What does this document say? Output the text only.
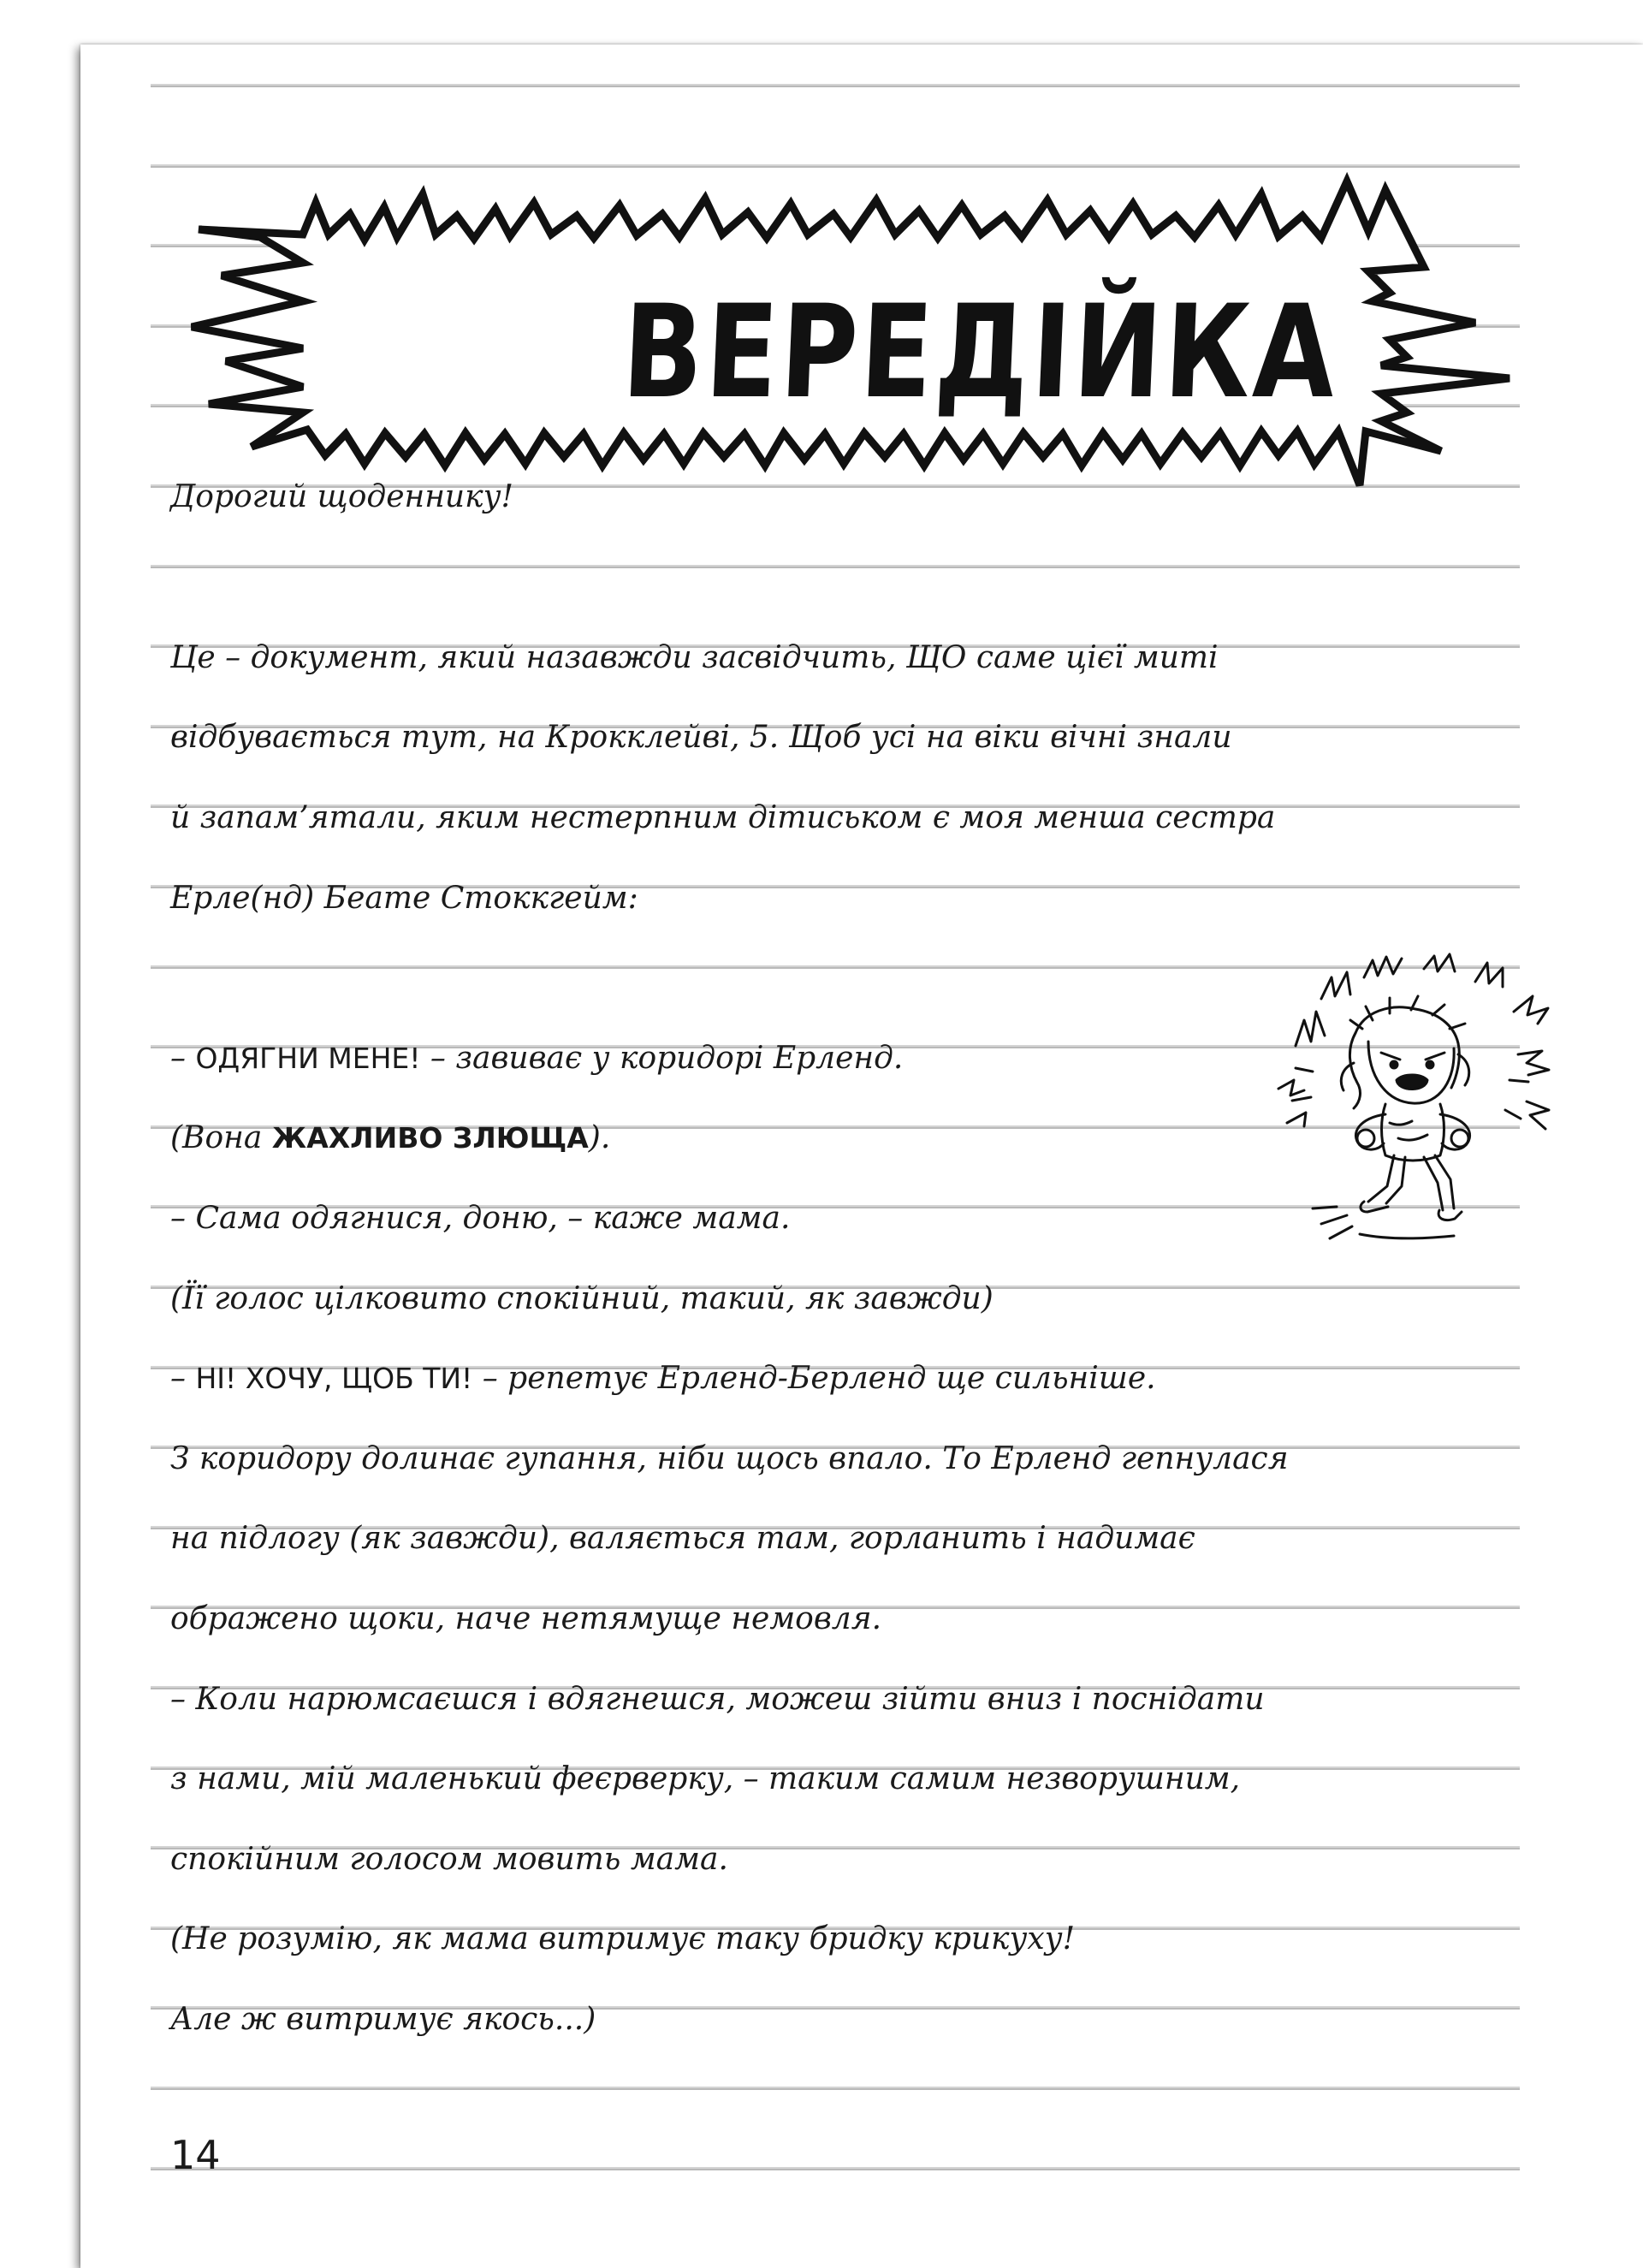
ВЕРЕДІЙКА
Дорогий щоденнику!
Це – документ, який назавжди засвідчить, ЩО саме цієї миті
відбувається тут, на Крокклейві, 5. Щоб усі на віки вічні знали
й запам’ятали, яким нестерпним дітиськом є моя менша сестра
Ерле(нд) Беате Стоккгейм:
– ОДЯГНИ МЕНЕ! – завиває у коридорі Ерленд.
(Вона ЖАХЛИВО ЗЛЮЩА).
– Сама одягнися, доню, – каже мама.
(Її голос цілковито спокійний, такий, як завжди)
– НІ! ХОЧУ, ЩОБ ТИ! – репетує Ерленд-Берленд ще сильніше.
З коридору долинає гупання, ніби щось впало. То Ерленд гепнулася
на підлогу (як завжди), валяється там, горланить і надимає
ображено щоки, наче нетямуще немовля.
– Коли нарюмсаєшся і вдягнешся, можеш зійти вниз і поснідати
з нами, мій маленький феєрверку, – таким самим незворушним,
спокійним голосом мовить мама.
(Не розумію, як мама витримує таку бридку крикуху!
Але ж витримує якось...)
14
